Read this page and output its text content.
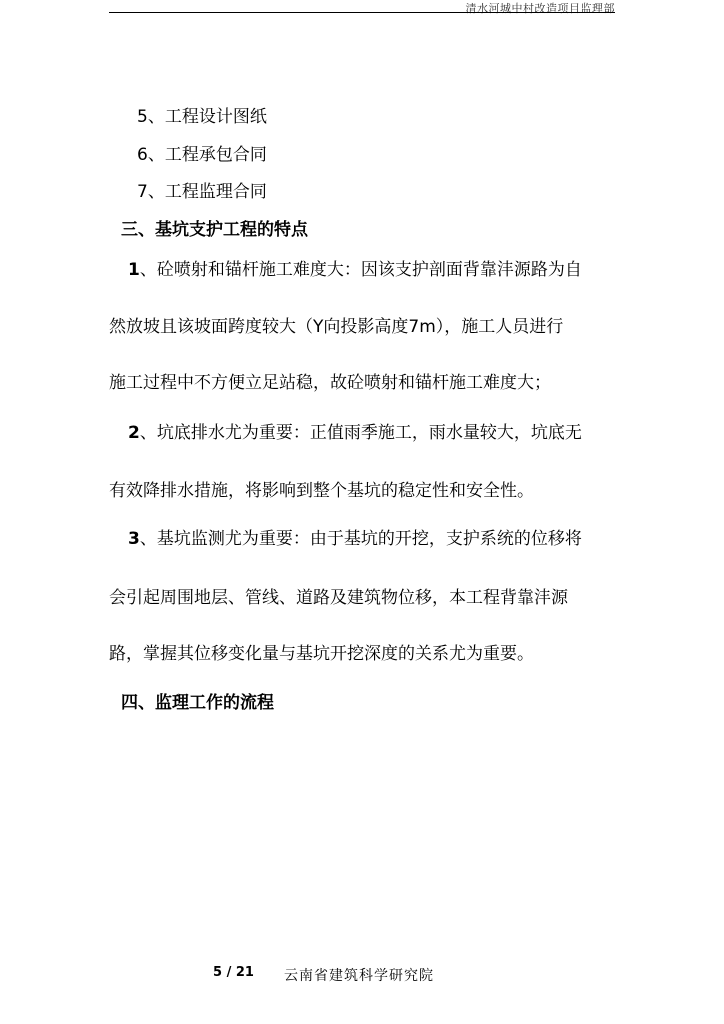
清水河城中村改造项目监理部
5、工程设计图纸
6、工程承包合同
7、工程监理合同
三、基坑支护工程的特点
1、砼喷射和锚杆施工难度大：因该支护剖面背靠沣源路为自
然放坡且该坡面跨度较大（Y向投影高度7m），施工人员进行
施工过程中不方便立足站稳，故砼喷射和锚杆施工难度大；
2、坑底排水尤为重要：正值雨季施工，雨水量较大，坑底无
有效降排水措施，将影响到整个基坑的稳定性和安全性。
3、基坑监测尤为重要：由于基坑的开挖，支护系统的位移将
会引起周围地层、管线、道路及建筑物位移，本工程背靠沣源
路，掌握其位移变化量与基坑开挖深度的关系尤为重要。
四、监理工作的流程
5 / 21 云南省建筑科学研究院
